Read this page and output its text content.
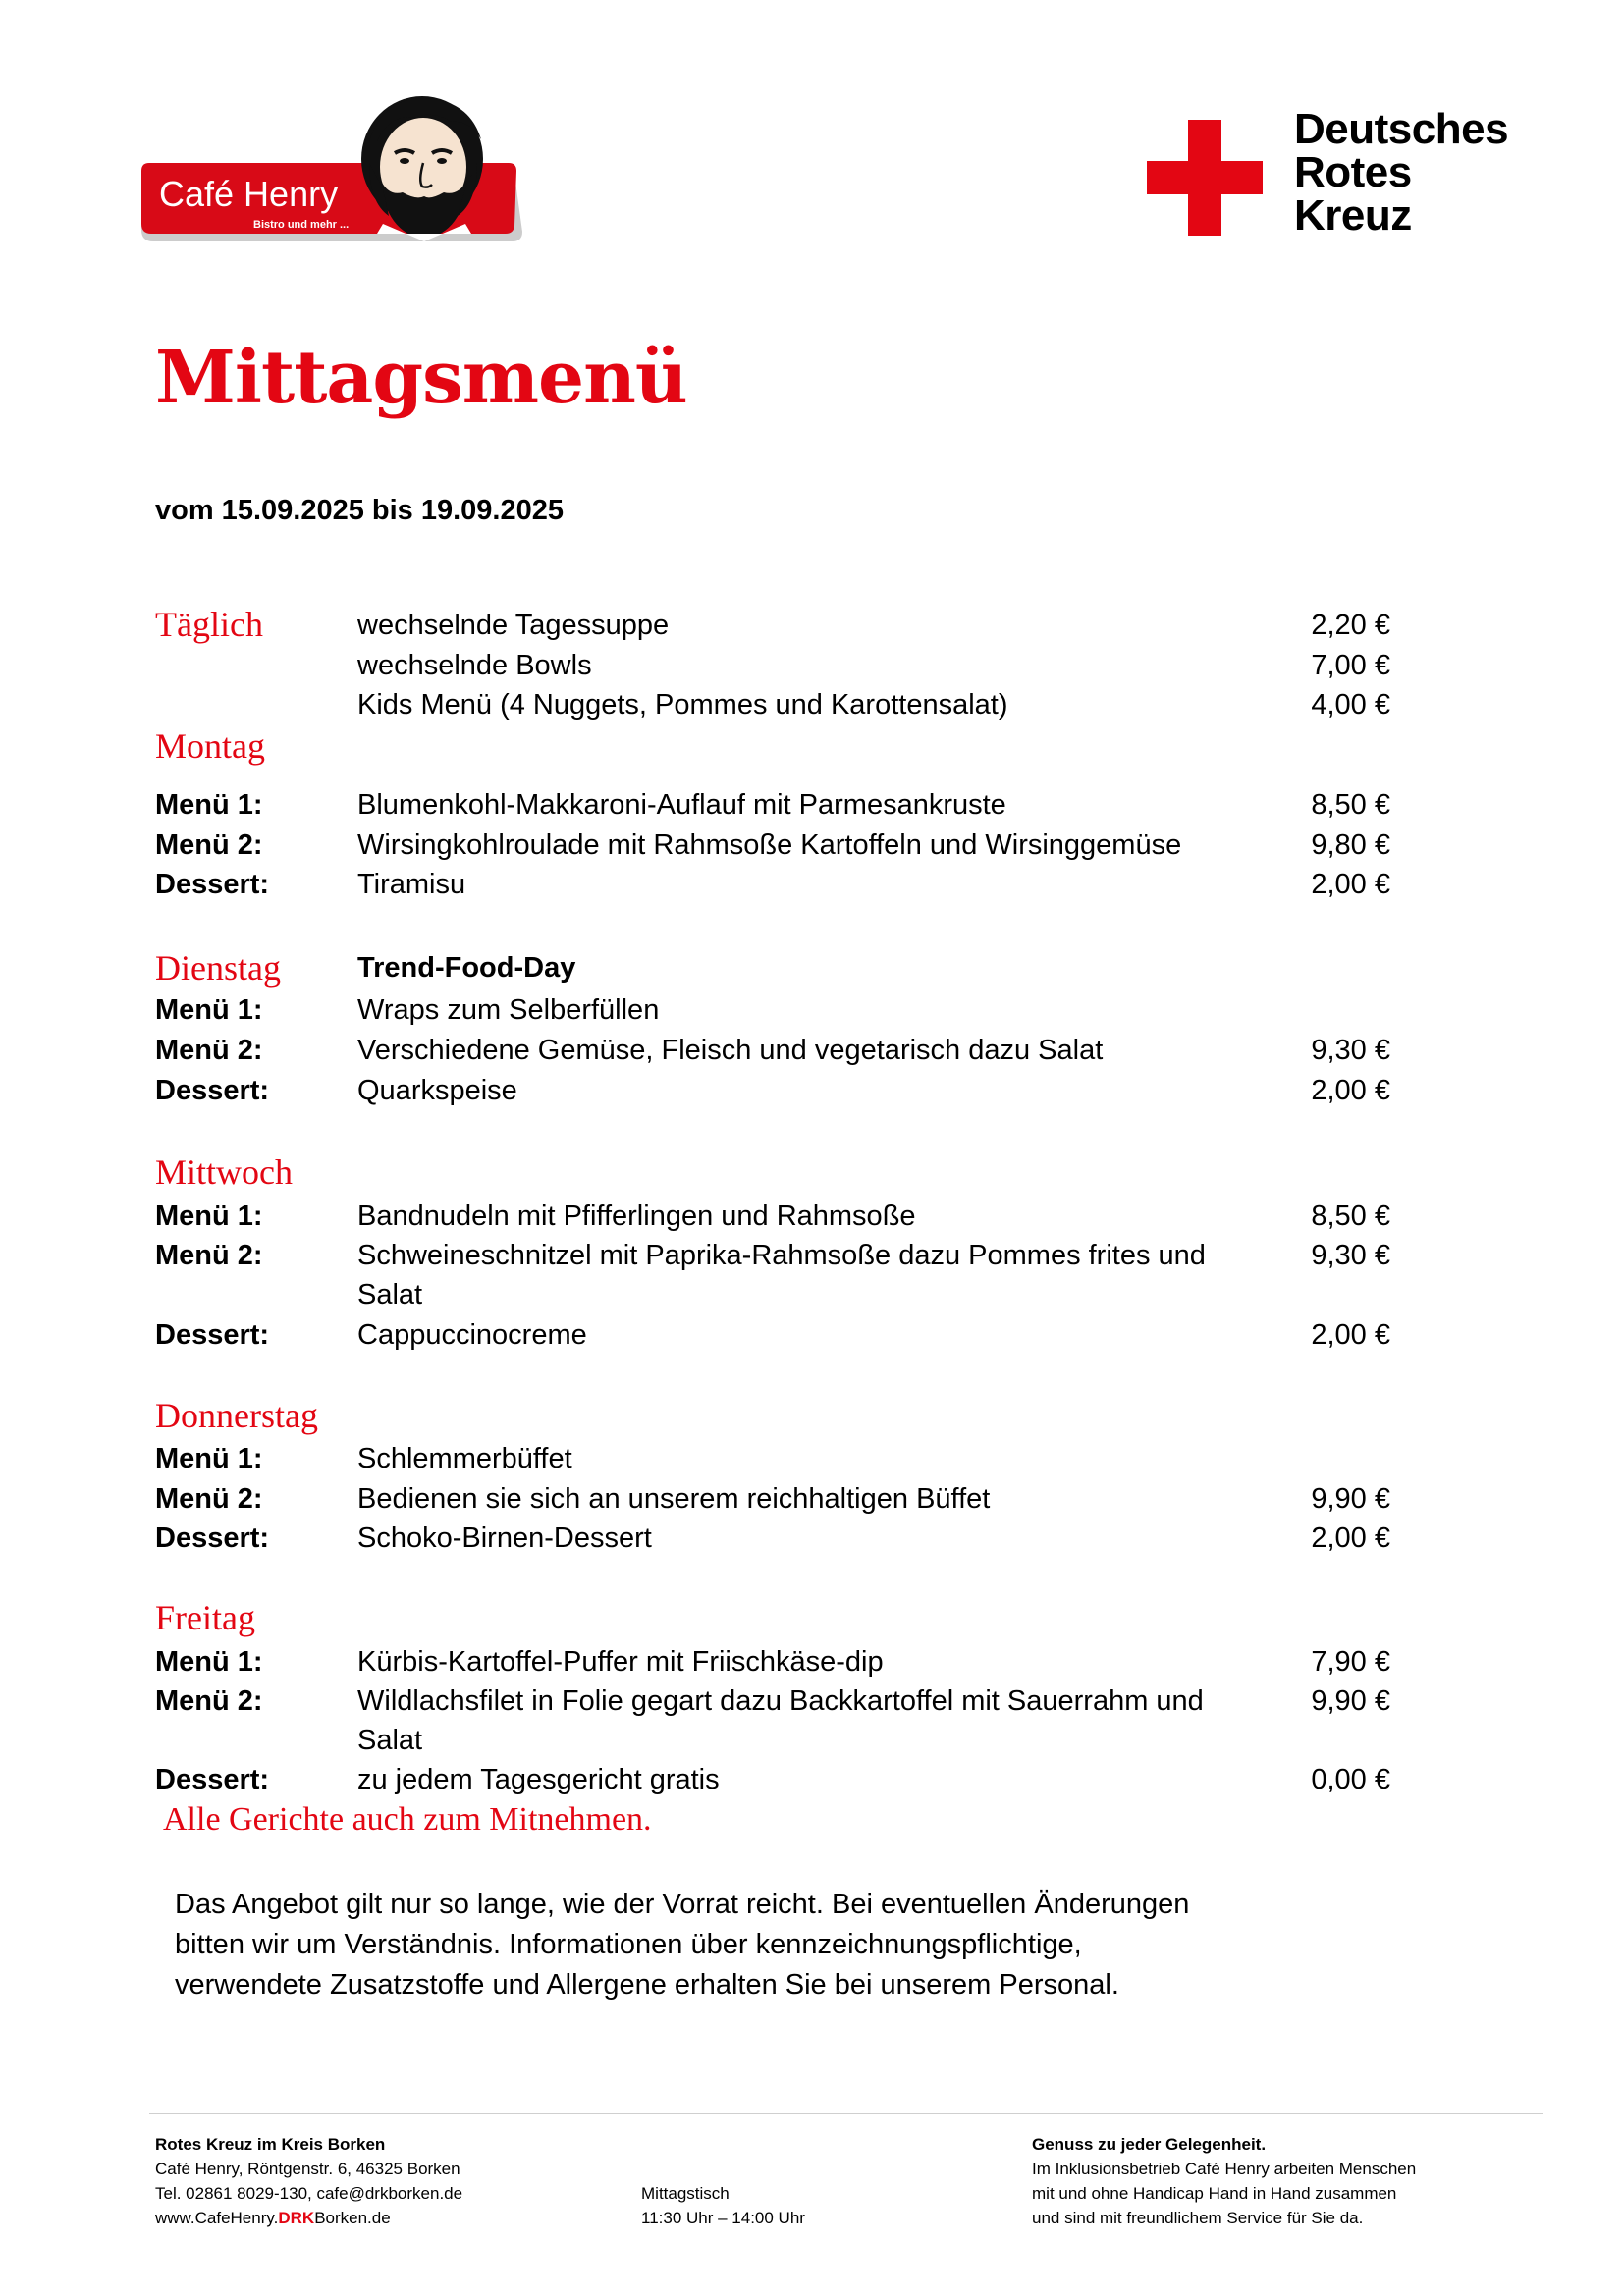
Café Henry
Bistro und mehr ...
Deutsches
Rotes
Kreuz
Mittagsmenü
vom 15.09.2025 bis 19.09.2025
Täglich	wechselnde Tagessuppe	2,20 €
wechselnde Bowls	7,00 €
Kids Menü (4 Nuggets, Pommes und Karottensalat)	4,00 €
Montag
Menü 1:	Blumenkohl-Makkaroni-Auflauf mit Parmesankruste	8,50 €
Menü 2:	Wirsingkohlroulade mit Rahmsoße Kartoffeln und Wirsinggemüse	9,80 €
Dessert:	Tiramisu	2,00 €
Dienstag	Trend-Food-Day
Menü 1:	Wraps zum Selberfüllen
Menü 2:	Verschiedene Gemüse, Fleisch und vegetarisch dazu Salat	9,30 €
Dessert:	Quarkspeise	2,00 €
Mittwoch
Menü 1:	Bandnudeln mit Pfifferlingen und Rahmsoße	8,50 €
Menü 2:	Schweineschnitzel mit Paprika-Rahmsoße dazu Pommes frites und	9,30 €
Salat
Dessert:	Cappuccinocreme	2,00 €
Donnerstag
Menü 1:	Schlemmerbüffet
Menü 2:	Bedienen sie sich an unserem reichhaltigen Büffet	9,90 €
Dessert:	Schoko-Birnen-Dessert	2,00 €
Freitag
Menü 1:	Kürbis-Kartoffel-Puffer mit Friischkäse-dip	7,90 €
Menü 2:	Wildlachsfilet in Folie gegart dazu Backkartoffel mit Sauerrahm und	9,90 €
Salat
Dessert:	zu jedem Tagesgericht gratis	0,00 €
Alle Gerichte auch zum Mitnehmen.
Das Angebot gilt nur so lange, wie der Vorrat reicht. Bei eventuellen Änderungen
bitten wir um Verständnis. Informationen über kennzeichnungspflichtige,
verwendete Zusatzstoffe und Allergene erhalten Sie bei unserem Personal.
Rotes Kreuz im Kreis Borken
Café Henry, Röntgenstr. 6, 46325 Borken
Tel. 02861 8029-130, cafe@drkborken.de
www.CafeHenry.DRKBorken.de
Mittagstisch
11:30 Uhr – 14:00 Uhr
Genuss zu jeder Gelegenheit.
Im Inklusionsbetrieb Café Henry arbeiten Menschen
mit und ohne Handicap Hand in Hand zusammen
und sind mit freundlichem Service für Sie da.
